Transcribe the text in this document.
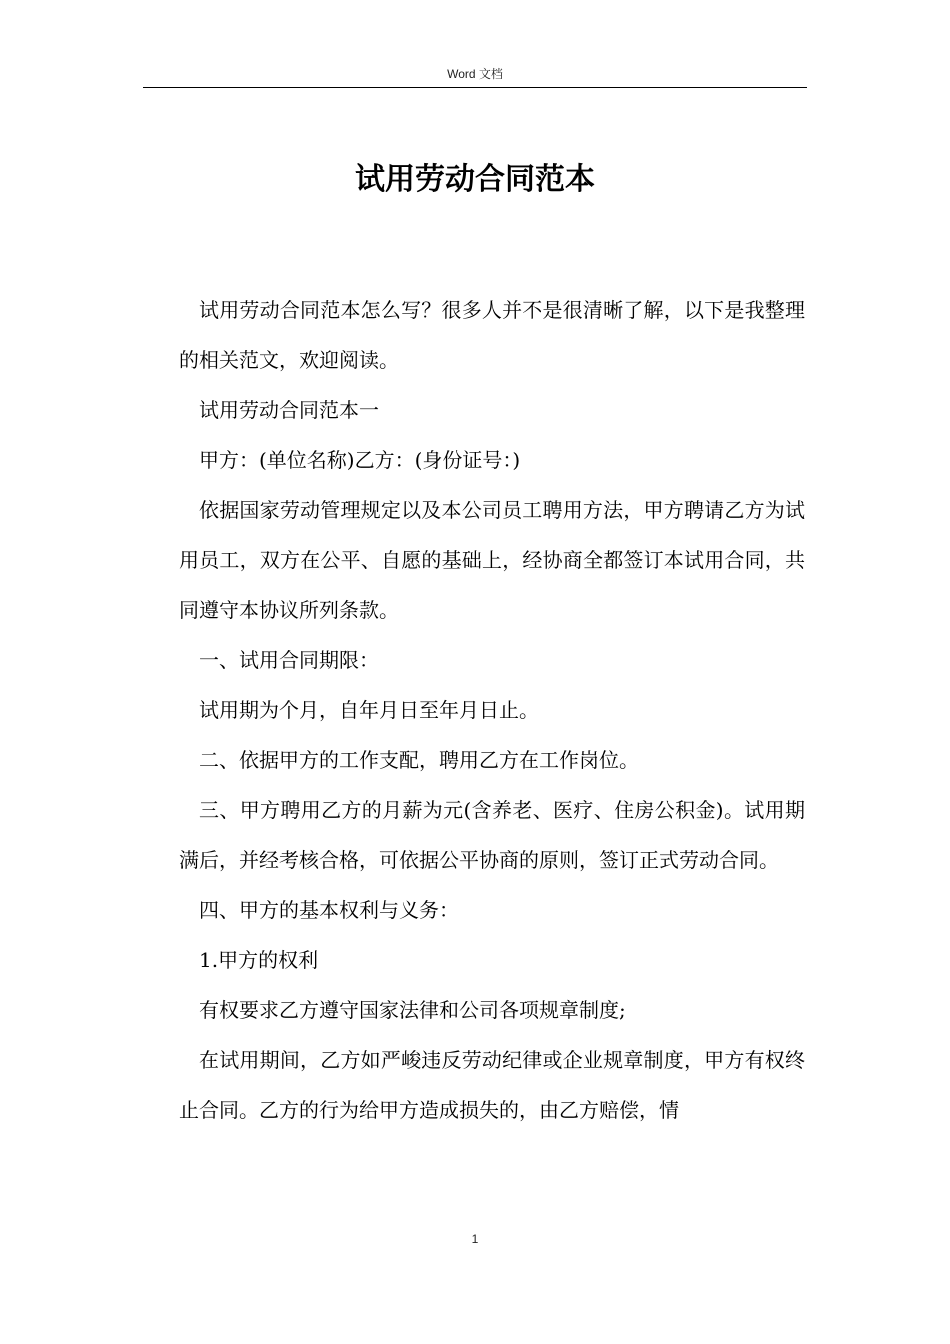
Word 文档
试用劳动合同范本

试用劳动合同范本怎么写？很多人并不是很清晰了解，以下是我整理的相关范文，欢迎阅读。

试用劳动合同范本一

甲方：(单位名称)乙方：(身份证号：)

依据国家劳动管理规定以及本公司员工聘用方法，甲方聘请乙方为试用员工，双方在公平、自愿的基础上，经协商全都签订本试用合同，共同遵守本协议所列条款。

一、试用合同期限：

试用期为个月，自年月日至年月日止。

二、依据甲方的工作支配，聘用乙方在工作岗位。

三、甲方聘用乙方的月薪为元(含养老、医疗、住房公积金)。试用期满后，并经考核合格，可依据公平协商的原则，签订正式劳动合同。

四、甲方的基本权利与义务：

1.甲方的权利

有权要求乙方遵守国家法律和公司各项规章制度;

在试用期间，乙方如严峻违反劳动纪律或企业规章制度，甲方有权终止合同。乙方的行为给甲方造成损失的，由乙方赔偿，情

1
